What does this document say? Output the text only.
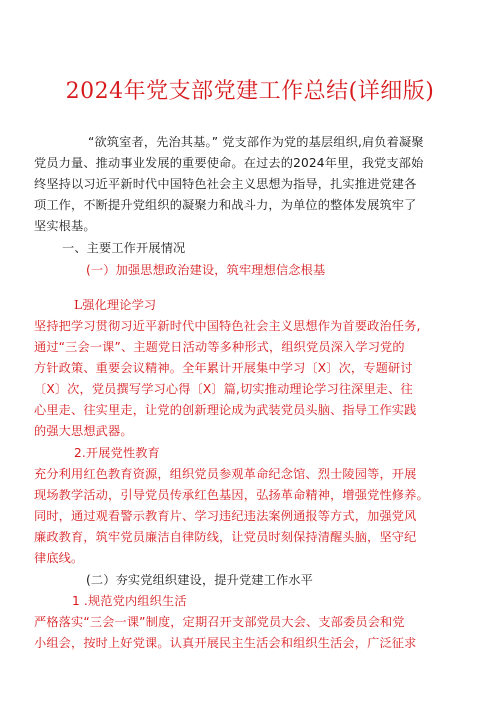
2024年党支部党建工作总结(详细版)
“欲筑室者，先治其基。” 党支部作为党的基层组织,肩负着凝聚
党员力量、推动事业发展的重要使命。在过去的2024年里，我党支部始
终坚持以习近平新时代中国特色社会主义思想为指导，扎实推进党建各
项工作，不断提升党组织的凝聚力和战斗力，为单位的整体发展筑牢了
坚实根基。
一、主要工作开展情况
(一）加强思想政治建设，筑牢理想信念根基
L强化理论学习
坚持把学习贯彻习近平新时代中国特色社会主义思想作为首要政治任务,
通过“三会一课”、主题党日活动等多种形式，组织党员深入学习党的
方针政策、重要会议精神。全年累计开展集中学习〔X〕次，专题研讨
〔X〕次，党员撰写学习心得〔X〕篇,切实推动理论学习往深里走、往
心里走、往实里走，让党的创新理论成为武装党员头脑、指导工作实践
的强大思想武器。
2.开展党性教育
充分利用红色教育资源，组织党员参观革命纪念馆、烈士陵园等，开展
现场教学活动，引导党员传承红色基因，弘扬革命精神，增强党性修养。
同时，通过观看警示教育片、学习违纪违法案例通报等方式，加强党风
廉政教育，筑牢党员廉洁自律防线，让党员时刻保持清醒头脑，坚守纪
律底线。
(二）夯实党组织建设，提升党建工作水平
1 .规范党内组织生活
严格落实“三会一课”制度，定期召开支部党员大会、支部委员会和党
小组会，按时上好党课。认真开展民主生活会和组织生活会，广泛征求
